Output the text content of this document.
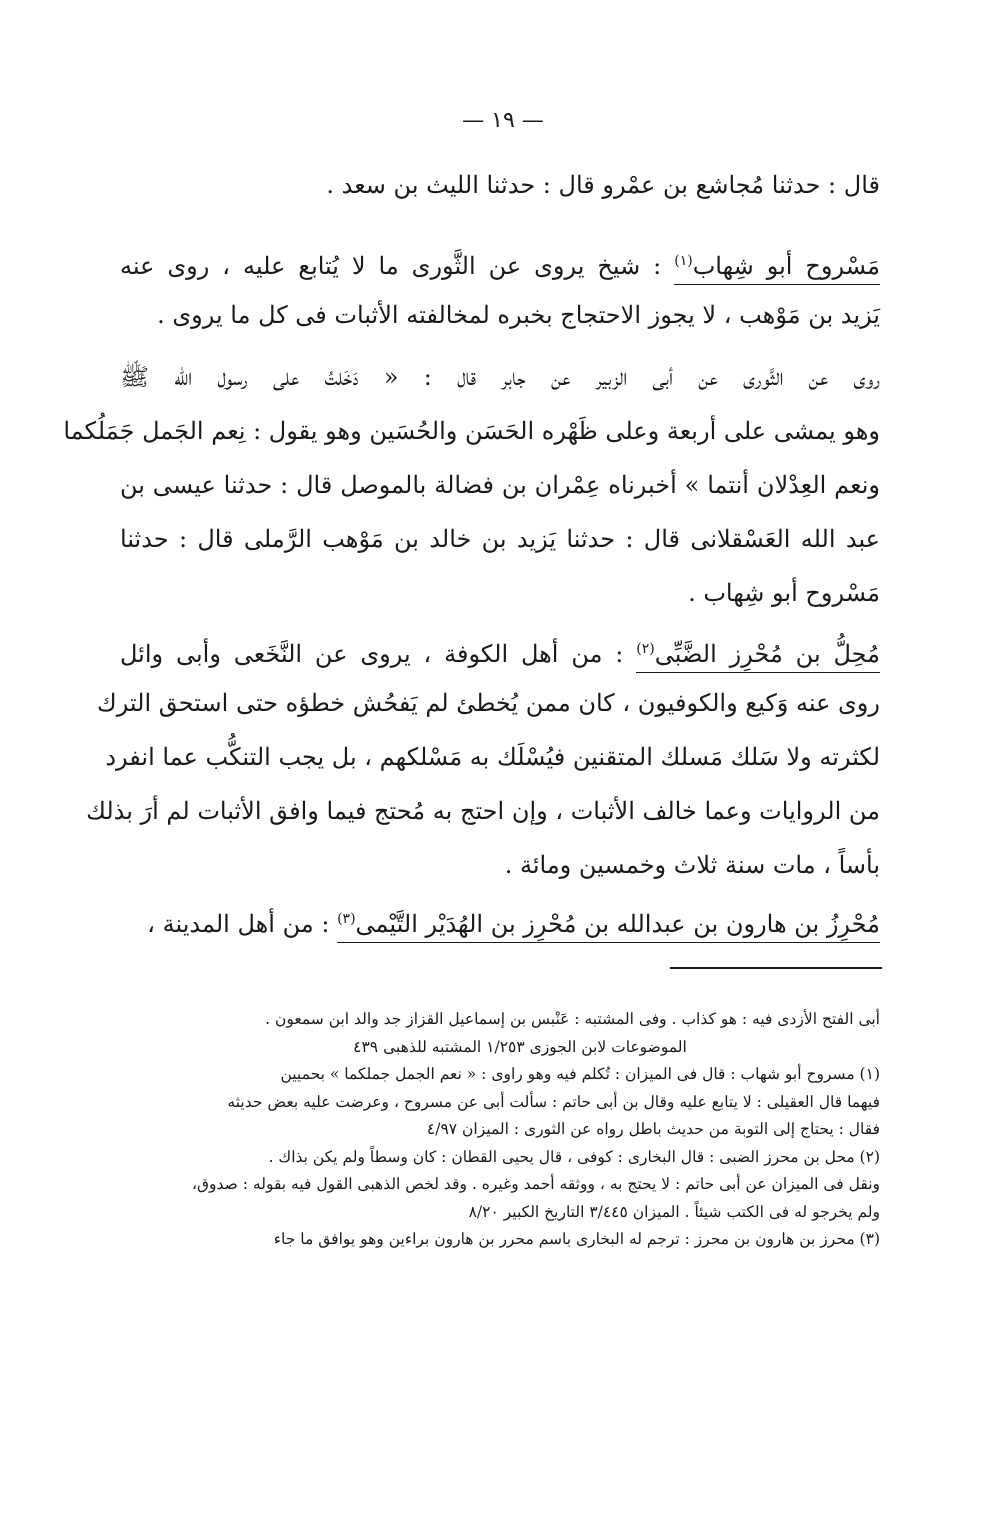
— ١٩ —
قال : حدثنا مُجاشع بن عمْرو قال : حدثنا الليث بن سعد .
مَسْروح أبو شِهاب$^{(١)}$ : شيخ يروى عن الثَّورى ما لا يُتابع عليه ، روى عنه
يَزيد بن مَوْهب ، لا يجوز الاحتجاج بخبره لمخالفته الأثبات فى كل ما يروى .
روى عن الثَّورى عن أبى الزبير عن جابر قال : « دَخَلتُ على رسول الله ﷺ
وهو يمشى على أربعة وعلى ظَهْره الحَسَن والحُسَين وهو يقول : نِعم الجَمل جَمَلُكما
ونعم العِدْلان أنتما » أخبرناه عِمْران بن فضالة بالموصل قال : حدثنا عيسى بن
عبد الله العَسْقلانى قال : حدثنا يَزيد بن خالد بن مَوْهب الرَّملى قال : حدثنا
مَسْروح أبو شِهاب .
مُحِلُّ بن مُحْرِز الضَّبِّى$^{(٢)}$ : من أهل الكوفة ، يروى عن النَّخَعى وأبى وائل
روى عنه وَكيع والكوفيون ، كان ممن يُخطئ لم يَفحُش خطؤه حتى استحق الترك
لكثرته ولا سَلك مَسلك المتقنين فيُسْلَك به مَسْلكهم ، بل يجب التنكُّب عما انفرد
من الروايات وعما خالف الأثبات ، وإن احتج به مُحتج فيما وافق الأثبات لم أرَ بذلك
بأساً ، مات سنة ثلاث وخمسين ومائة .
مُحْرِزُ بن هارون بن عبدالله بن مُحْرِز بن الهُدَيْر التَّيْمى$^{(٣)}$ : من أهل المدينة ،
أبى الفتح الأزدى فيه : هو كذاب . وفى المشتبه : عَنْبس بن إسماعيل القزاز جد والد ابن سمعون .
الموضوعات لابن الجوزى ١/٢٥٣ المشتبه للذهبى ٤٣٩
(١) مسروح أبو شهاب : قال فى الميزان : تُكلم فيه وهو راوى : « نعم الجمل جملكما » بحميين
فيهما قال العقيلى : لا يتابع عليه وقال بن أبى حاتم : سألت أبى عن مسروح ، وعرضت عليه بعض حديثه
فقال : يحتاج إلى التوبة من حديث باطل رواه عن الثورى : الميزان ٤/٩٧
(٢) محل بن محرز الضبى : قال البخارى : كوفى ، قال يحيى القطان : كان وسطاً ولم يكن بذاك .
ونقل فى الميزان عن أبى حاتم : لا يحتج به ، ووثقه أحمد وغيره . وقد لخص الذهبى القول فيه بقوله : صدوق،
ولم يخرجو له فى الكتب شيئاً . الميزان ٣/٤٤٥ التاريخ الكبير ٨/٢٠
(٣) محرز بن هارون بن محرز : ترجم له البخارى باسم محرر بن هارون براءين وهو يوافق ما جاء
